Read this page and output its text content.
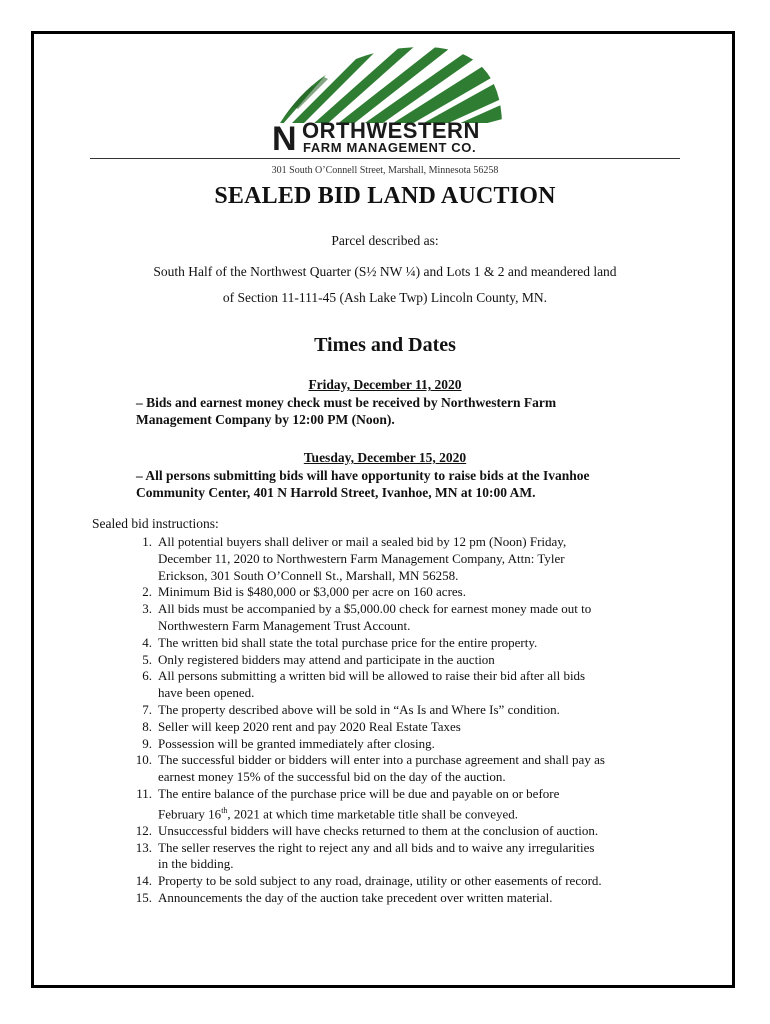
N ORTHWESTERN
FARM MANAGEMENT CO.
301 South O’Connell Street, Marshall, Minnesota 56258
SEALED BID LAND AUCTION
Parcel described as:
South Half of the Northwest Quarter (S½ NW ¼) and Lots 1 & 2 and meandered land
of Section 11-111-45 (Ash Lake Twp) Lincoln County, MN.
Times and Dates
Friday, December 11, 2020
– Bids and earnest money check must be received by Northwestern Farm
Management Company by 12:00 PM (Noon).
Tuesday, December 15, 2020
– All persons submitting bids will have opportunity to raise bids at the Ivanhoe
Community Center, 401 N Harrold Street, Ivanhoe, MN at 10:00 AM.
Sealed bid instructions:
1. All potential buyers shall deliver or mail a sealed bid by 12 pm (Noon) Friday,
December 11, 2020 to Northwestern Farm Management Company, Attn: Tyler
Erickson, 301 South O’Connell St., Marshall, MN 56258.
2. Minimum Bid is $480,000 or $3,000 per acre on 160 acres.
3. All bids must be accompanied by a $5,000.00 check for earnest money made out to
Northwestern Farm Management Trust Account.
4. The written bid shall state the total purchase price for the entire property.
5. Only registered bidders may attend and participate in the auction
6. All persons submitting a written bid will be allowed to raise their bid after all bids
have been opened.
7. The property described above will be sold in “As Is and Where Is” condition.
8. Seller will keep 2020 rent and pay 2020 Real Estate Taxes
9. Possession will be granted immediately after closing.
10. The successful bidder or bidders will enter into a purchase agreement and shall pay as
earnest money 15% of the successful bid on the day of the auction.
11. The entire balance of the purchase price will be due and payable on or before
February 16th, 2021 at which time marketable title shall be conveyed.
12. Unsuccessful bidders will have checks returned to them at the conclusion of auction.
13. The seller reserves the right to reject any and all bids and to waive any irregularities
in the bidding.
14. Property to be sold subject to any road, drainage, utility or other easements of record.
15. Announcements the day of the auction take precedent over written material.
